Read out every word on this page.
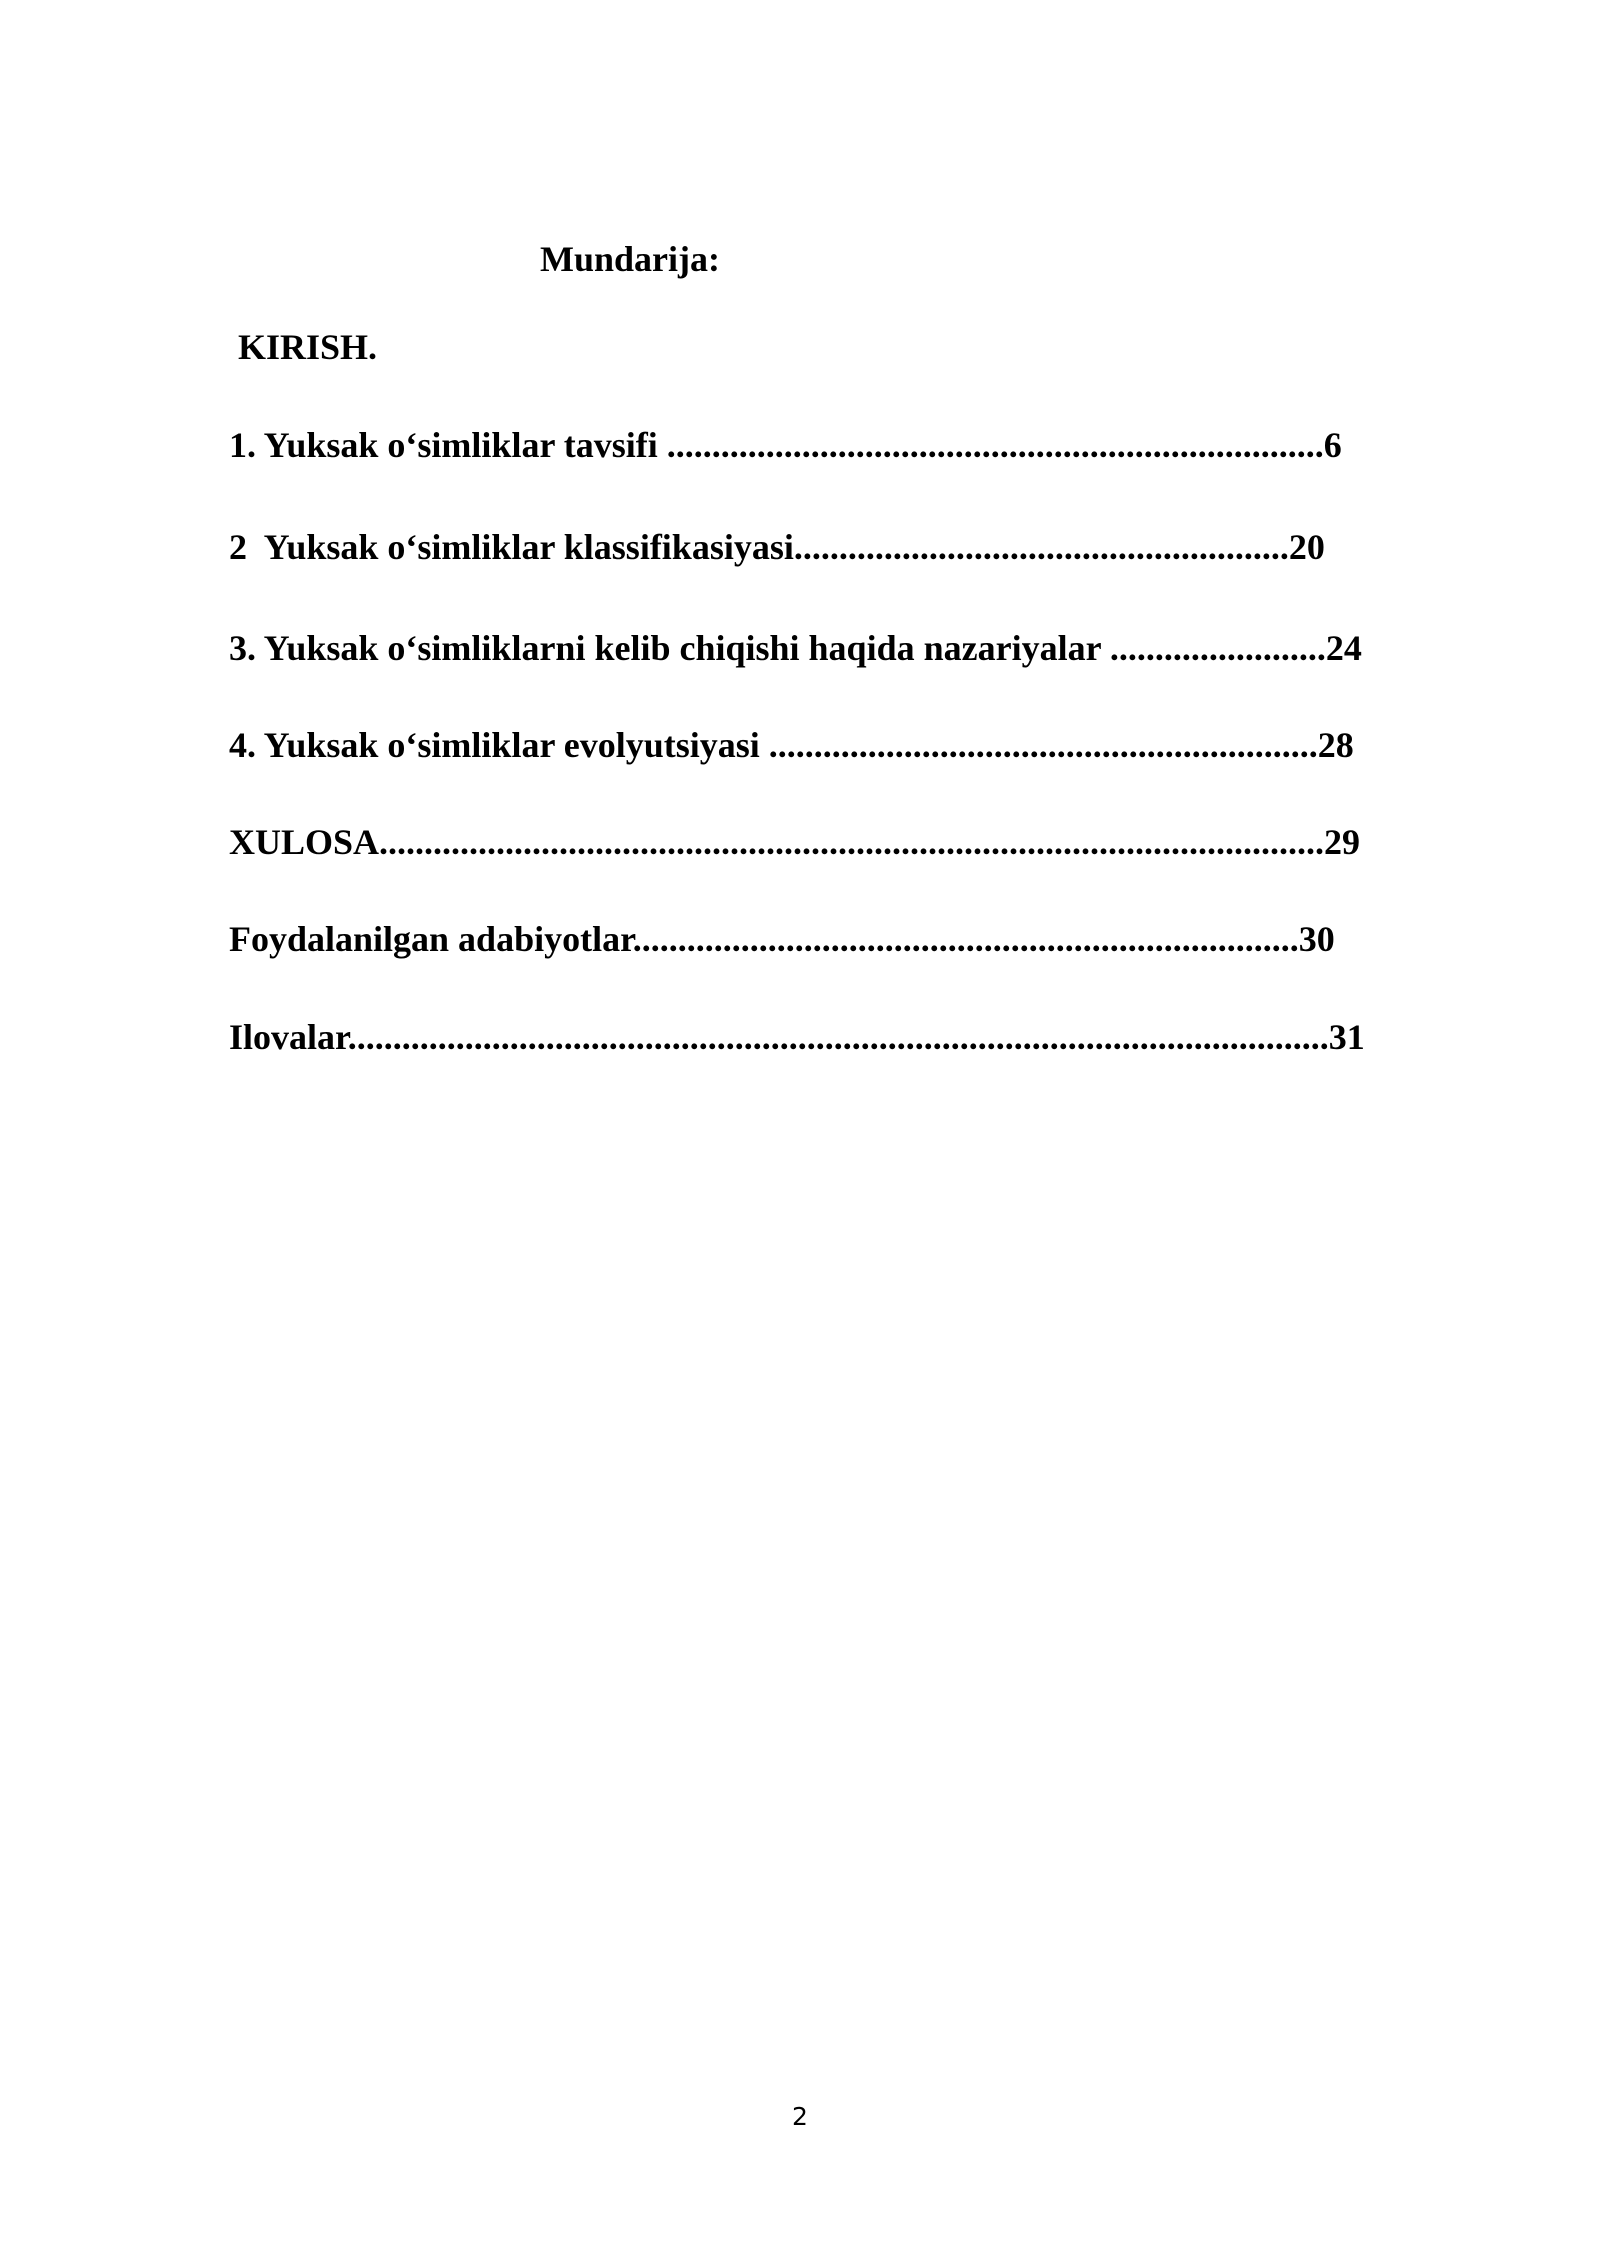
Mundarija:
KIRISH.
1. Yuksak o‘simliklar tavsifi .........................................................................6
2  Yuksak o‘simliklar klassifikasiyasi.......................................................20
3. Yuksak o‘simliklarni kelib chiqishi haqida nazariyalar ........................24
4. Yuksak o‘simliklar evolyutsiyasi .............................................................28
XULOSA.........................................................................................................29
Foydalanilgan adabiyotlar..........................................................................30
Ilovalar.............................................................................................................31
2
